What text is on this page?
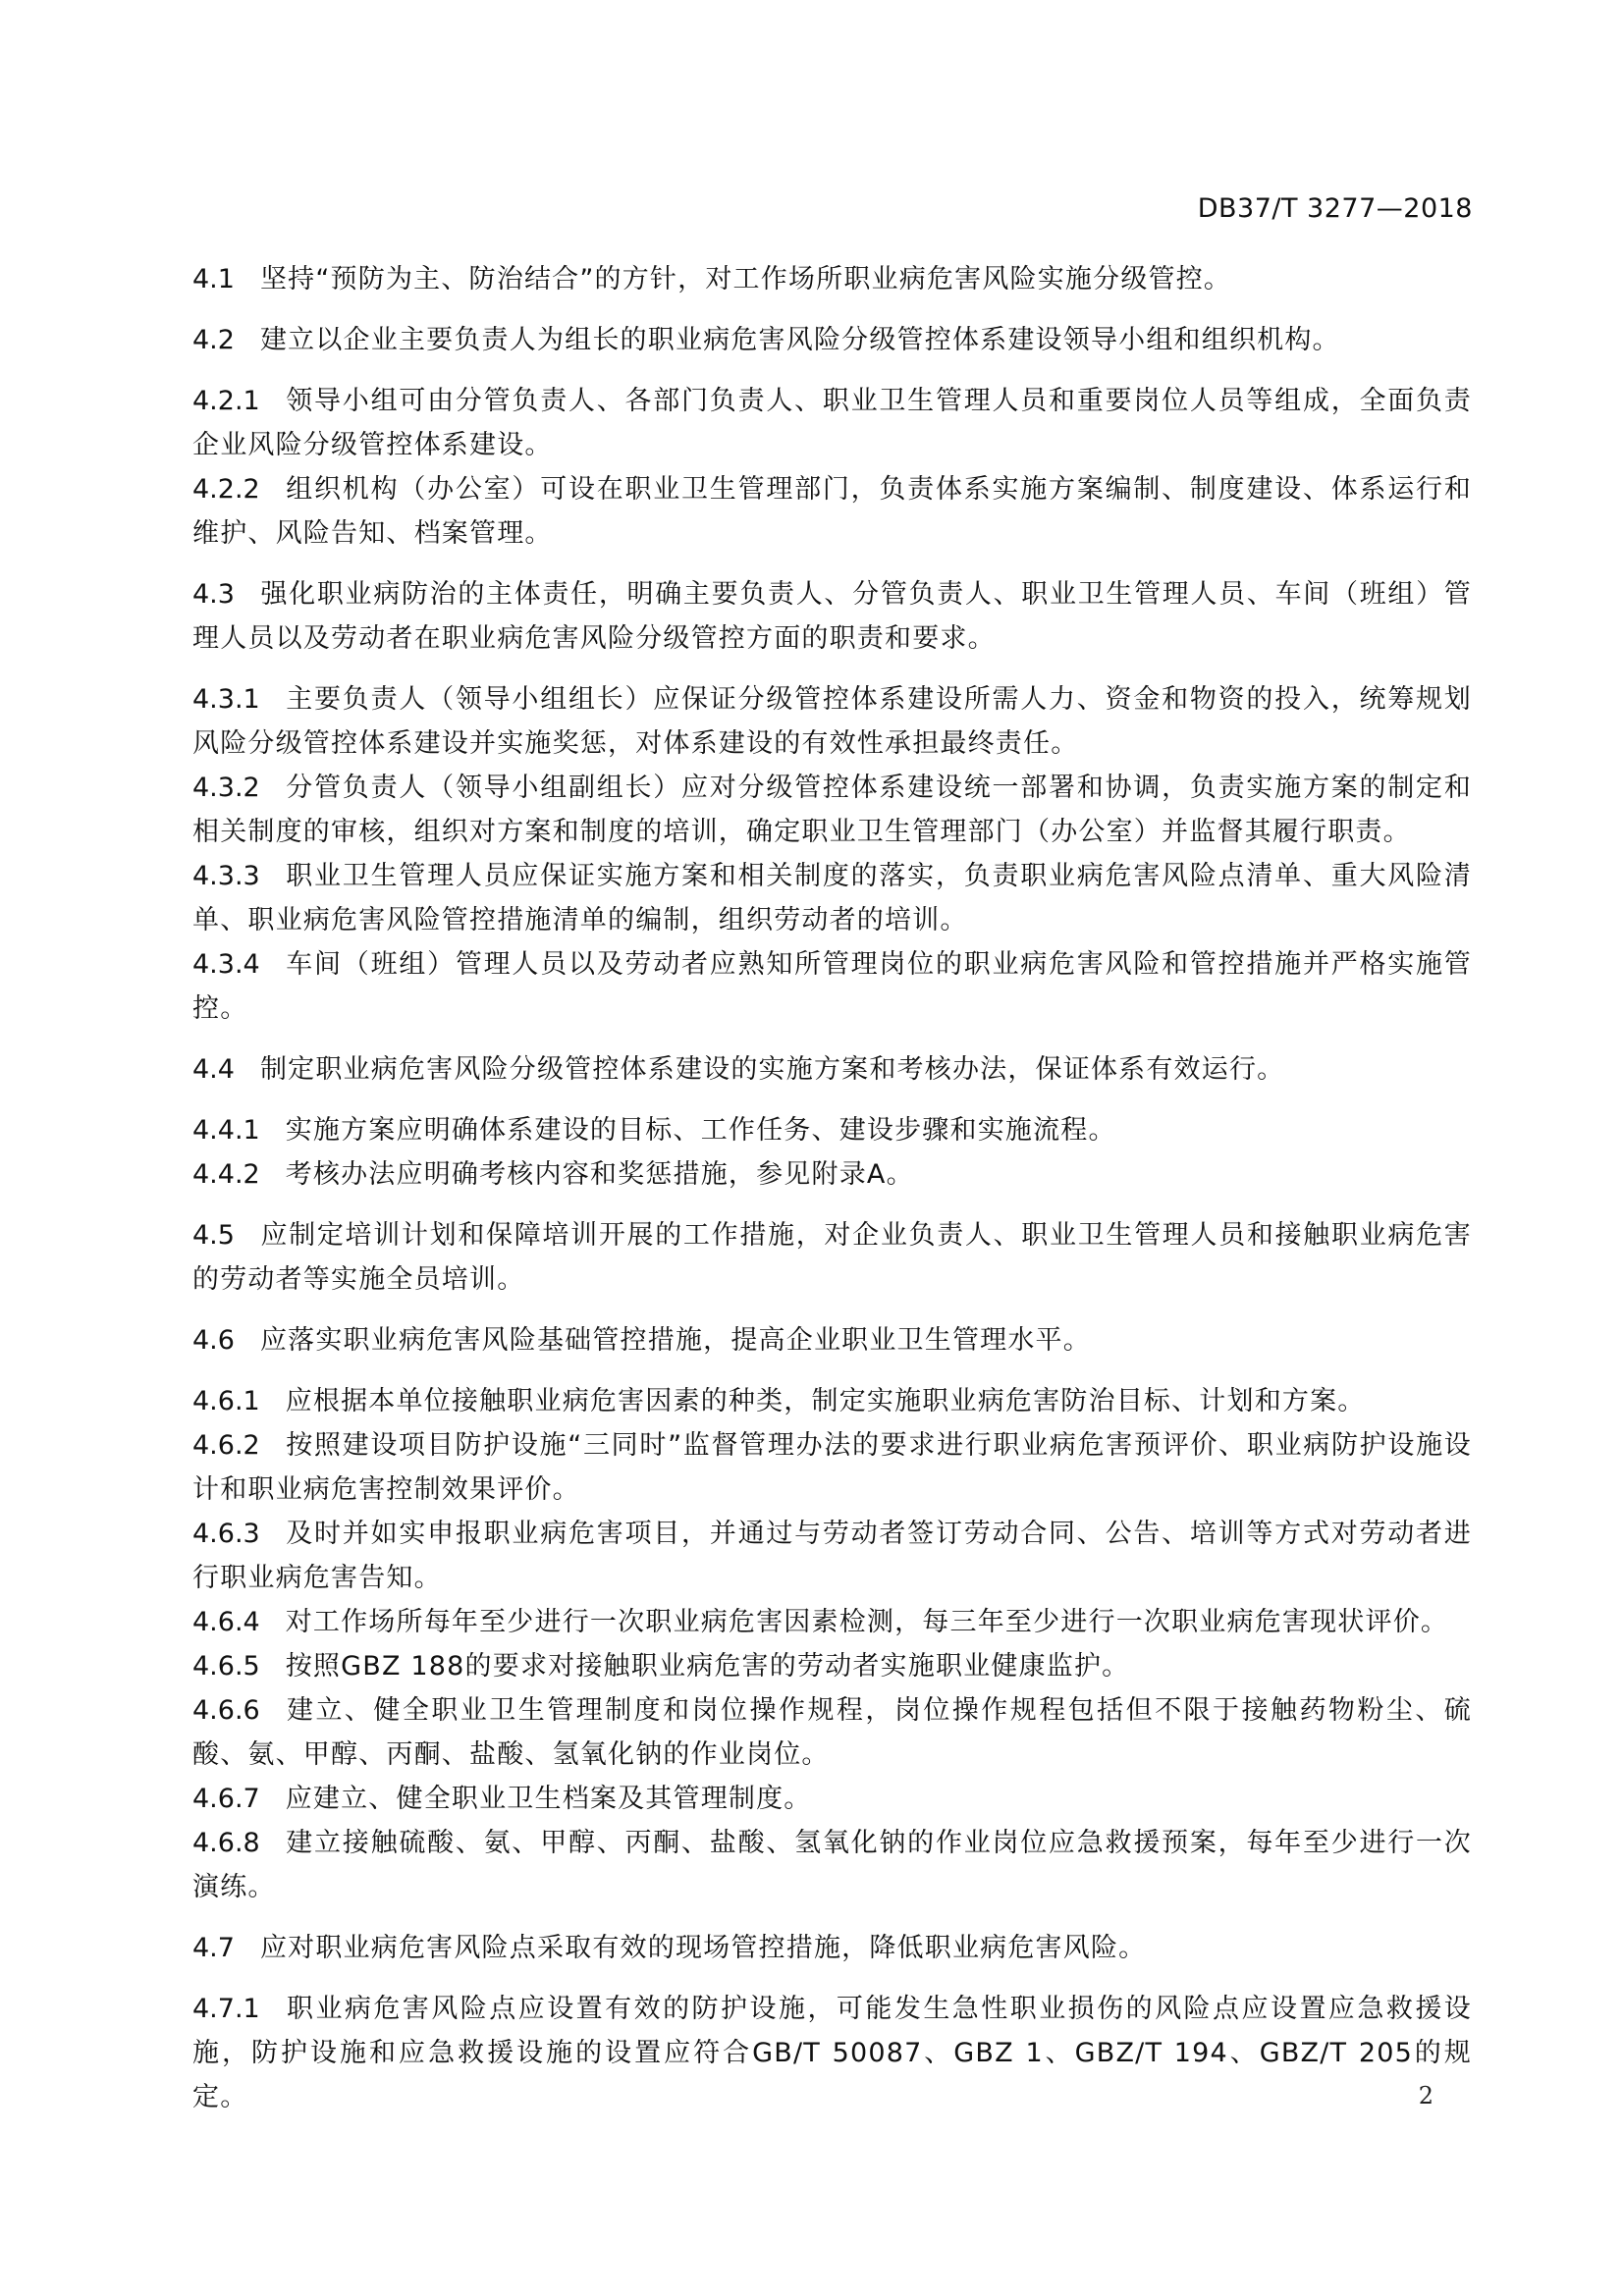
DB37/T 3277—2018

4.1 坚持“预防为主、防治结合”的方针，对工作场所职业病危害风险实施分级管控。

4.2 建立以企业主要负责人为组长的职业病危害风险分级管控体系建设领导小组和组织机构。

4.2.1 领导小组可由分管负责人、各部门负责人、职业卫生管理人员和重要岗位人员等组成，全面负责企业风险分级管控体系建设。

4.2.2 组织机构（办公室）可设在职业卫生管理部门，负责体系实施方案编制、制度建设、体系运行和维护、风险告知、档案管理。

4.3 强化职业病防治的主体责任，明确主要负责人、分管负责人、职业卫生管理人员、车间（班组）管理人员以及劳动者在职业病危害风险分级管控方面的职责和要求。

4.3.1 主要负责人（领导小组组长）应保证分级管控体系建设所需人力、资金和物资的投入，统筹规划风险分级管控体系建设并实施奖惩，对体系建设的有效性承担最终责任。

4.3.2 分管负责人（领导小组副组长）应对分级管控体系建设统一部署和协调，负责实施方案的制定和相关制度的审核，组织对方案和制度的培训，确定职业卫生管理部门（办公室）并监督其履行职责。

4.3.3 职业卫生管理人员应保证实施方案和相关制度的落实，负责职业病危害风险点清单、重大风险清单、职业病危害风险管控措施清单的编制，组织劳动者的培训。

4.3.4 车间（班组）管理人员以及劳动者应熟知所管理岗位的职业病危害风险和管控措施并严格实施管控。

4.4 制定职业病危害风险分级管控体系建设的实施方案和考核办法，保证体系有效运行。

4.4.1 实施方案应明确体系建设的目标、工作任务、建设步骤和实施流程。

4.4.2 考核办法应明确考核内容和奖惩措施，参见附录A。

4.5 应制定培训计划和保障培训开展的工作措施，对企业负责人、职业卫生管理人员和接触职业病危害的劳动者等实施全员培训。

4.6 应落实职业病危害风险基础管控措施，提高企业职业卫生管理水平。

4.6.1 应根据本单位接触职业病危害因素的种类，制定实施职业病危害防治目标、计划和方案。

4.6.2 按照建设项目防护设施“三同时”监督管理办法的要求进行职业病危害预评价、职业病防护设施设计和职业病危害控制效果评价。

4.6.3 及时并如实申报职业病危害项目，并通过与劳动者签订劳动合同、公告、培训等方式对劳动者进行职业病危害告知。

4.6.4 对工作场所每年至少进行一次职业病危害因素检测，每三年至少进行一次职业病危害现状评价。

4.6.5 按照GBZ 188的要求对接触职业病危害的劳动者实施职业健康监护。

4.6.6 建立、健全职业卫生管理制度和岗位操作规程，岗位操作规程包括但不限于接触药物粉尘、硫酸、氨、甲醇、丙酮、盐酸、氢氧化钠的作业岗位。

4.6.7 应建立、健全职业卫生档案及其管理制度。

4.6.8 建立接触硫酸、氨、甲醇、丙酮、盐酸、氢氧化钠的作业岗位应急救援预案，每年至少进行一次演练。

4.7 应对职业病危害风险点采取有效的现场管控措施，降低职业病危害风险。

4.7.1 职业病危害风险点应设置有效的防护设施，可能发生急性职业损伤的风险点应设置应急救援设施，防护设施和应急救援设施的设置应符合GB/T 50087、GBZ 1、GBZ/T 194、GBZ/T 205的规定。	2
